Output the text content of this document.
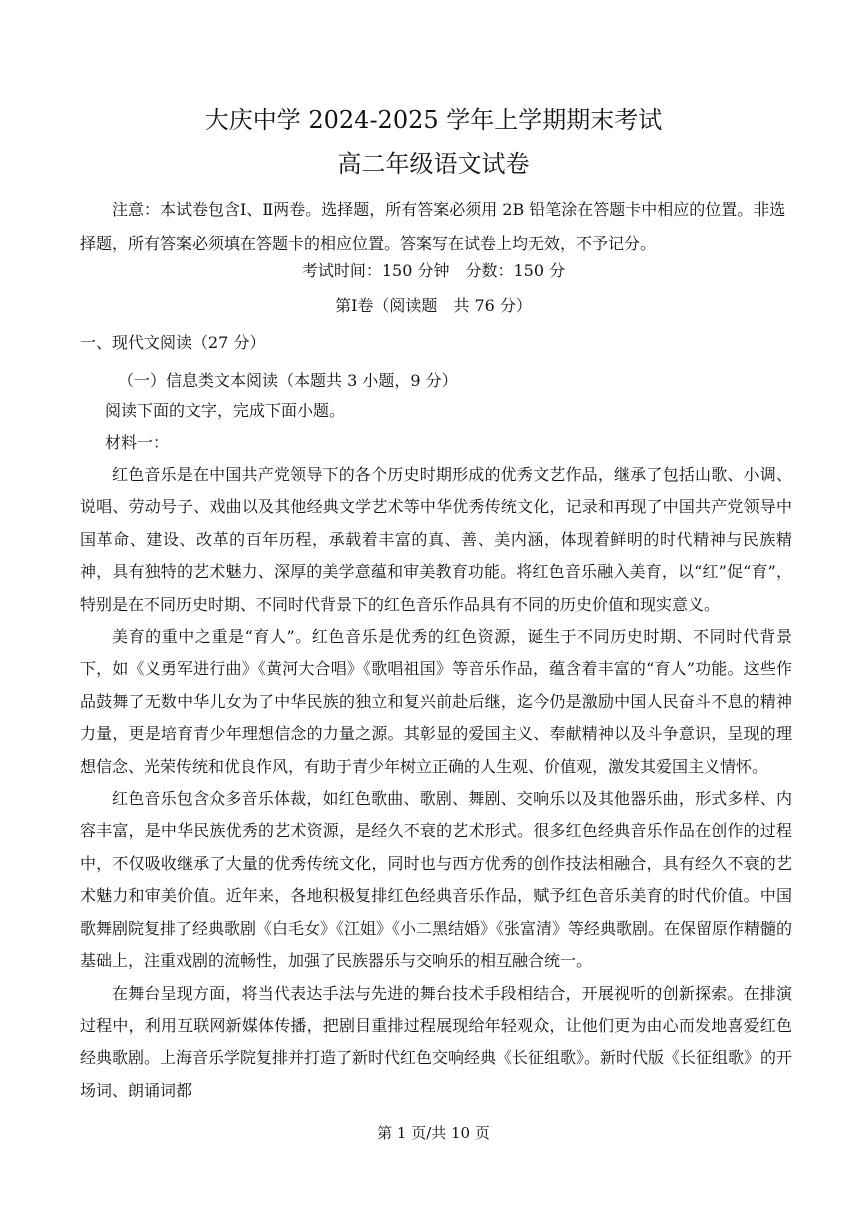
大庆中学 2024-2025 学年上学期期末考试
高二年级语文试卷
注意：本试卷包含Ⅰ、Ⅱ两卷。选择题，所有答案必须用 2B 铅笔涂在答题卡中相应的位置。非选择题，所有答案必须填在答题卡的相应位置。答案写在试卷上均无效，不予记分。
考试时间：150 分钟　分数：150 分
第Ⅰ卷（阅读题　共 76 分）
一、现代文阅读（27 分）
（一）信息类文本阅读（本题共 3 小题，9 分）
阅读下面的文字，完成下面小题。
材料一：

红色音乐是在中国共产党领导下的各个历史时期形成的优秀文艺作品，继承了包括山歌、小调、说唱、劳动号子、戏曲以及其他经典文学艺术等中华优秀传统文化，记录和再现了中国共产党领导中国革命、建设、改革的百年历程，承载着丰富的真、善、美内涵，体现着鲜明的时代精神与民族精神，具有独特的艺术魅力、深厚的美学意蕴和审美教育功能。将红色音乐融入美育，以“红”促“育”，特别是在不同历史时期、不同时代背景下的红色音乐作品具有不同的历史价值和现实意义。

美育的重中之重是“育人”。红色音乐是优秀的红色资源，诞生于不同历史时期、不同时代背景下，如《义勇军进行曲》《黄河大合唱》《歌唱祖国》等音乐作品，蕴含着丰富的“育人”功能。这些作品鼓舞了无数中华儿女为了中华民族的独立和复兴前赴后继，迄今仍是激励中国人民奋斗不息的精神力量，更是培育青少年理想信念的力量之源。其彰显的爱国主义、奉献精神以及斗争意识，呈现的理想信念、光荣传统和优良作风，有助于青少年树立正确的人生观、价值观，激发其爱国主义情怀。

红色音乐包含众多音乐体裁，如红色歌曲、歌剧、舞剧、交响乐以及其他器乐曲，形式多样、内容丰富，是中华民族优秀的艺术资源，是经久不衰的艺术形式。很多红色经典音乐作品在创作的过程中，不仅吸收继承了大量的优秀传统文化，同时也与西方优秀的创作技法相融合，具有经久不衰的艺术魅力和审美价值。近年来，各地积极复排红色经典音乐作品，赋予红色音乐美育的时代价值。中国歌舞剧院复排了经典歌剧《白毛女》《江姐》《小二黑结婚》《张富清》等经典歌剧。在保留原作精髓的基础上，注重戏剧的流畅性，加强了民族器乐与交响乐的相互融合统一。

在舞台呈现方面，将当代表达手法与先进的舞台技术手段相结合，开展视听的创新探索。在排演过程中，利用互联网新媒体传播，把剧目重排过程展现给年轻观众，让他们更为由心而发地喜爱红色经典歌剧。上海音乐学院复排并打造了新时代红色交响经典《长征组歌》。新时代版《长征组歌》的开场词、朗诵词都

第 1 页/共 10 页
